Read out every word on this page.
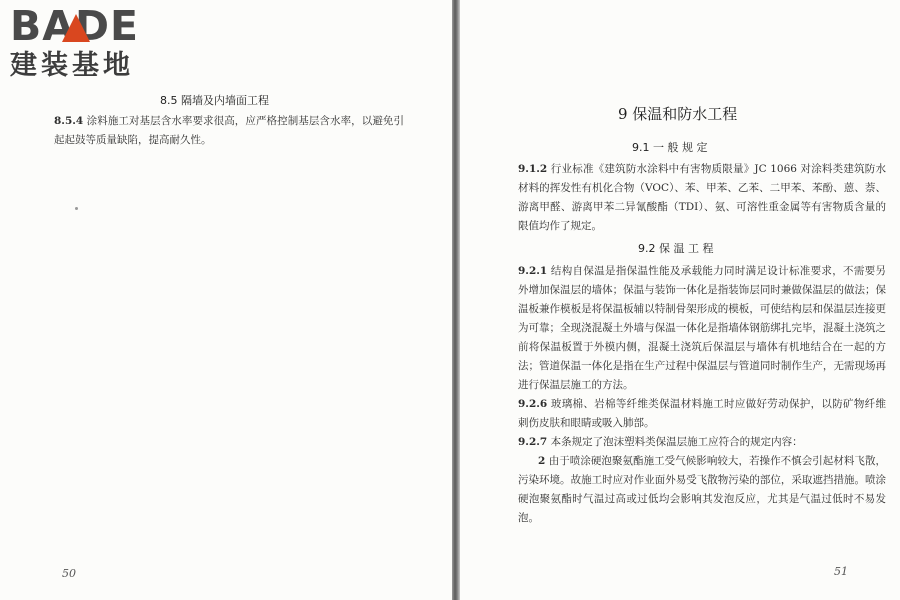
BADE
建装基地
8.5 隔墙及内墙面工程
8.5.4 涂料施工对基层含水率要求很高，应严格控制基层含水率，以避免引起起鼓等质量缺陷，提高耐久性。
50
9 保温和防水工程
9.1 一 般 规 定
9.1.2 行业标准《建筑防水涂料中有害物质限量》JC 1066 对涂料类建筑防水材料的挥发性有机化合物（VOC）、苯、甲苯、乙苯、二甲苯、苯酚、蒽、萘、游离甲醛、游离甲苯二异氰酸酯（TDI）、氨、可溶性重金属等有害物质含量的限值均作了规定。
9.2 保 温 工 程
9.2.1 结构自保温是指保温性能及承载能力同时满足设计标准要求，不需要另外增加保温层的墙体；保温与装饰一体化是指装饰层同时兼做保温层的做法；保温板兼作模板是将保温板辅以特制骨架形成的模板，可使结构层和保温层连接更为可靠；全现浇混凝土外墙与保温一体化是指墙体钢筋绑扎完毕，混凝土浇筑之前将保温板置于外模内侧，混凝土浇筑后保温层与墙体有机地结合在一起的方法；管道保温一体化是指在生产过程中保温层与管道同时制作生产，无需现场再进行保温层施工的方法。
9.2.6 玻璃棉、岩棉等纤维类保温材料施工时应做好劳动保护，以防矿物纤维刺伤皮肤和眼睛或吸入肺部。
9.2.7 本条规定了泡沫塑料类保温层施工应符合的规定内容：
2 由于喷涂硬泡聚氨酯施工受气候影响较大，若操作不慎会引起材料飞散，污染环境。故施工时应对作业面外易受飞散物污染的部位，采取遮挡措施。喷涂硬泡聚氨酯时气温过高或过低均会影响其发泡反应，尤其是气温过低时不易发泡。
51
